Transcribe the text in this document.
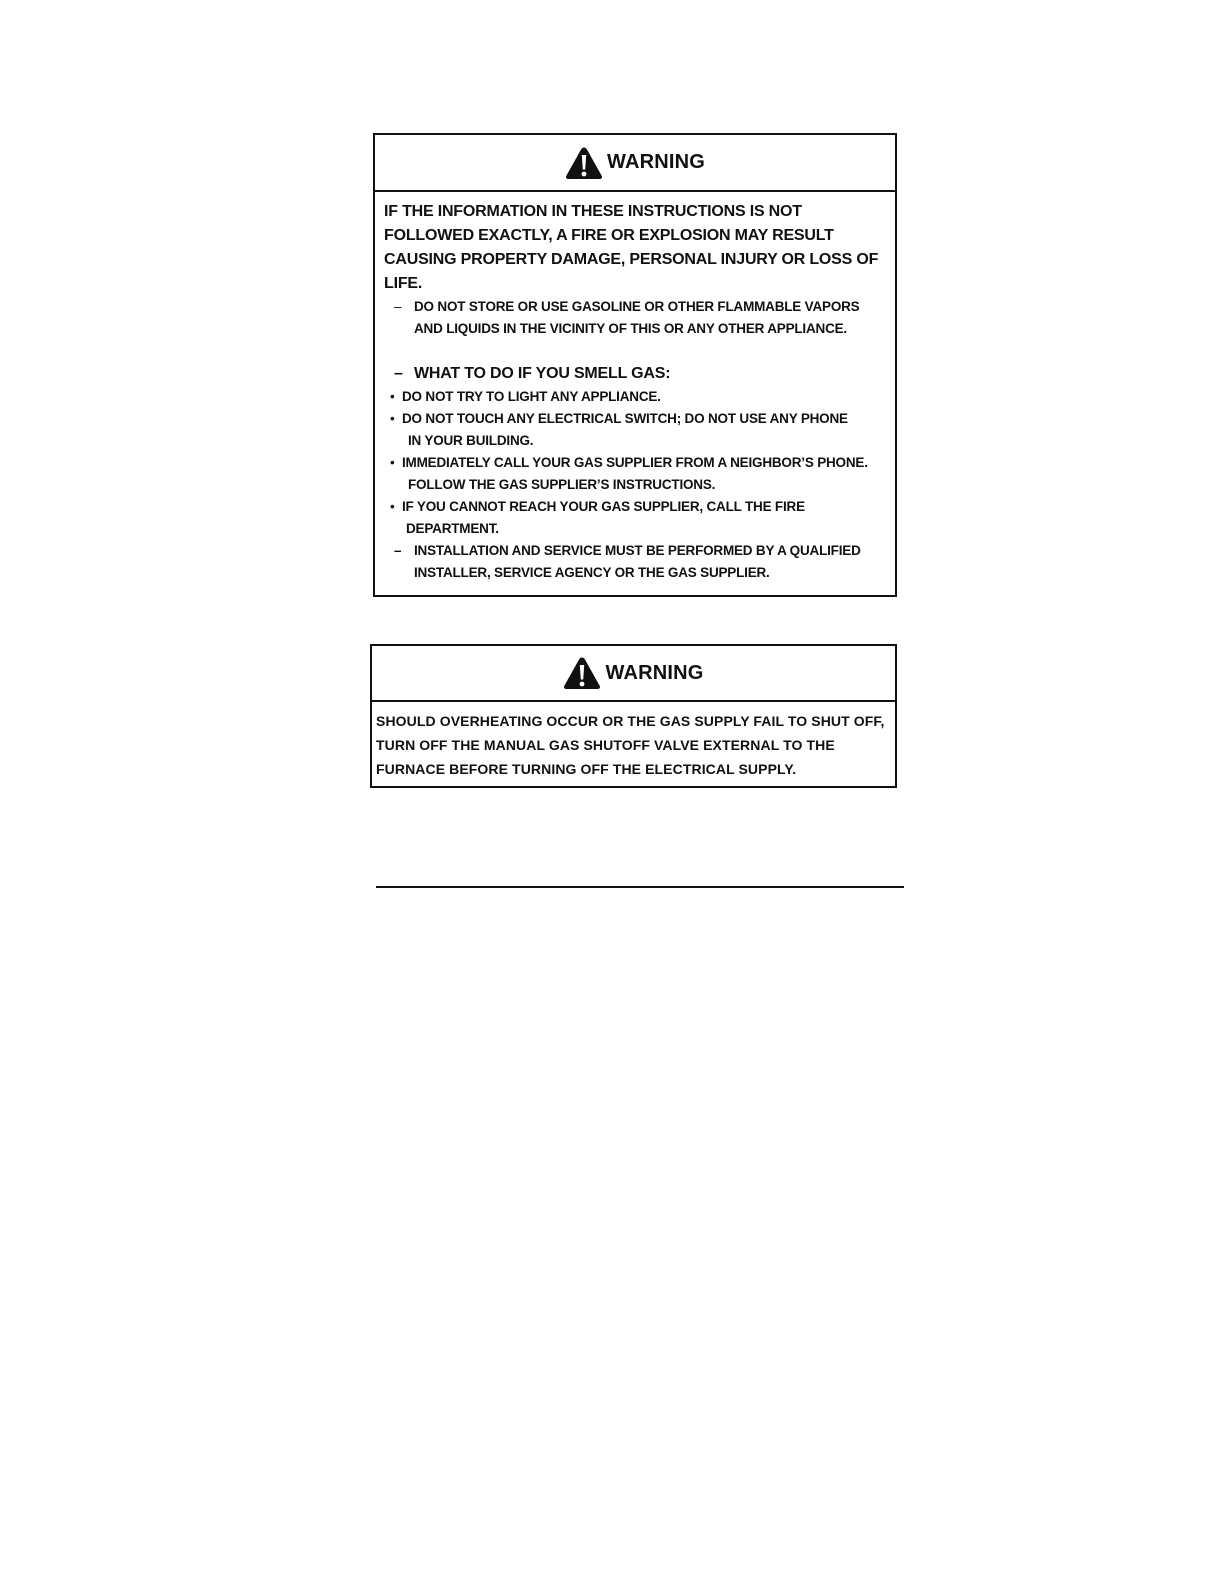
WARNING
IF THE INFORMATION IN THESE INSTRUCTIONS IS NOT FOLLOWED EXACTLY, A FIRE OR EXPLOSION MAY RESULT CAUSING PROPERTY DAMAGE, PERSONAL INJURY OR LOSS OF LIFE.
– DO NOT STORE OR USE GASOLINE OR OTHER FLAMMABLE VAPORS AND LIQUIDS IN THE VICINITY OF THIS OR ANY OTHER APPLIANCE.
– WHAT TO DO IF YOU SMELL GAS:
• DO NOT TRY TO LIGHT ANY APPLIANCE.
• DO NOT TOUCH ANY ELECTRICAL SWITCH; DO NOT USE ANY PHONE
IN YOUR BUILDING.
• IMMEDIATELY CALL YOUR GAS SUPPLIER FROM A NEIGHBOR’S PHONE.
FOLLOW THE GAS SUPPLIER’S INSTRUCTIONS.
• IF YOU CANNOT REACH YOUR GAS SUPPLIER, CALL THE FIRE
DEPARTMENT.
– INSTALLATION AND SERVICE MUST BE PERFORMED BY A QUALIFIED INSTALLER, SERVICE AGENCY OR THE GAS SUPPLIER.
WARNING
SHOULD OVERHEATING OCCUR OR THE GAS SUPPLY FAIL TO SHUT OFF, TURN OFF THE MANUAL GAS SHUTOFF VALVE EXTERNAL TO THE FURNACE BEFORE TURNING OFF THE ELECTRICAL SUPPLY.
